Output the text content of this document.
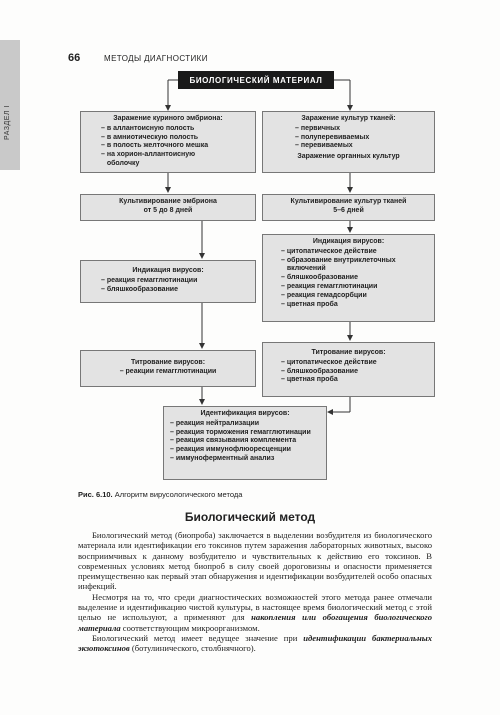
РАЗДЕЛ I
66	МЕТОДЫ ДИАГНОСТИКИ
БИОЛОГИЧЕСКИЙ МАТЕРИАЛ
Заражение куриного эмбриона:
– в аллантоисную полость
– в амниотическую полость
– в полость желточного мешка
– на хорион-аллантоисную
оболочку
Культивирование эмбриона
от 5 до 8 дней
Индикация вирусов:
– реакция гемагглютинации
– бляшкообразование
Титрование вирусов:
– реакции гемагглютинации
Заражение культур тканей:
– первичных
– полуперевиваемых
– перевиваемых
Заражение органных культур
Культивирование культур тканей
5–6 дней
Индикация вирусов:
– цитопатическое действие
– образование внутриклеточных
включений
– бляшкообразование
– реакция гемагглютинации
– реакция гемадсорбции
– цветная проба
Титрование вирусов:
– цитопатическое действие
– бляшкообразование
– цветная проба
Идентификация вирусов:
– реакция нейтрализации
– реакция торможения гемагглютинации
– реакция связывания комплемента
– реакция иммунофлюоресценции
– иммуноферментный анализ
Рис. 6.10. Алгоритм вирусологического метода
Биологический метод

Биологический метод (биопроба) заключается в выделении возбудителя из биологического материала или идентификации его токсинов путем заражения лабораторных животных, высоко восприимчивых к данному возбудителю и чувствительных к действию его токсинов. В современных условиях метод биопроб в силу своей дороговизны и опасности применяется преимущественно как первый этап обнаружения и идентификации возбудителей особо опасных инфекций.

Несмотря на то, что среди диагностических возможностей этого метода ранее отмечали выделение и идентификацию чистой культуры, в настоящее время биологический метод с этой целью не используют, а применяют для накопления или обогащения биологического материала соответствующим микроорганизмом.

Биологический метод имеет ведущее значение при идентификации бактериальных экзотоксинов (ботулинического, столбнячного).
